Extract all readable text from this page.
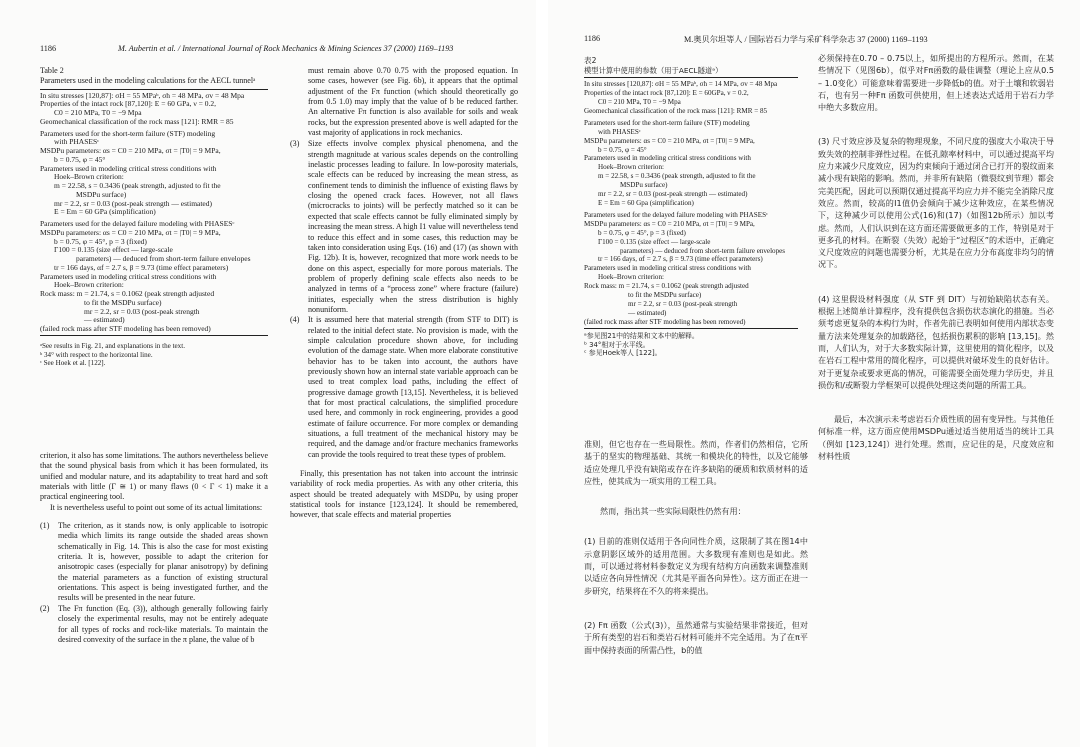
1186	M. Aubertin et al. / International Journal of Rock Mechanics & Mining Sciences 37 (2000) 1169–1193
Table 2
Parameters used in the modeling calculations for the AECL tunnelᵃ
In situ stresses [120,87]: σH = 55 MPaᵇ, σh = 48 MPa, σv = 48 Mpa
Properties of the intact rock [87,120]: E = 60 GPa, ν = 0.2,
C0 = 210 MPa, T0 = −9 Mpa
Geomechanical classification of the rock mass [121]: RMR = 85
Parameters used for the short-term failure (STF) modeling
with PHASESᶜ
MSDPu parameters: αs = C0 = 210 MPa, σt = |T0| = 9 MPa,
b = 0.75, φ = 45°
Parameters used in modeling critical stress conditions with
Hoek–Brown criterion:
m = 22.58, s = 0.3436 (peak strength, adjusted to fit the
MSDPu surface)
mr = 2.2, sr = 0.03 (post-peak strength — estimated)
E = Em = 60 GPa (simplification)
Parameters used for the delayed failure modeling with PHASESᶜ
MSDPu parameters: αs = C0 = 210 MPa, σt = |T0| = 9 MPa,
b = 0.75, φ = 45°, p = 3 (fixed)
Γ100 = 0.135 (size effect — large-scale
parameters) — deduced from short-term failure envelopes
tr = 166 days, αf = 2.7 s, β = 9.73 (time effect parameters)
Parameters used in modeling critical stress conditions with
Hoek–Brown criterion:
Rock mass: m = 21.74, s = 0.1062 (peak strength adjusted
to fit the MSDPu surface)
mr = 2.2, sr = 0.03 (post-peak strength
— estimated)
(failed rock mass after STF modeling has been removed)
ᵃSee results in Fig. 21, and explanations in the text.
ᵇ 34° with respect to the horizontal line.
ᶜ See Hoek et al. [122].

criterion, it also has some limitations. The authors nevertheless believe that the sound physical basis from which it has been formulated, its unified and modular nature, and its adaptability to treat hard and soft materials with little (Γ ≅ 1) or many flaws (0 < Γ < 1) make it a practical engineering tool.

It is nevertheless useful to point out some of its actual limitations:

(1)	The criterion, as it stands now, is only applicable to isotropic media which limits its range outside the shaded areas shown schematically in Fig. 14. This is also the case for most existing criteria. It is, however, possible to adapt the criterion for anisotropic cases (especially for planar anisotropy) by defining the material parameters as a function of existing structural orientations. This aspect is being investigated further, and the results will be presented in the near future.
(2)	The Fπ function (Eq. (3)), although generally following fairly closely the experimental results, may not be entirely adequate for all types of rocks and rock-like materials. To maintain the desired convexity of the surface in the π plane, the value of b

must remain above 0.70 0.75 with the proposed equation. In some cases, however (see Fig. 6b), it appears that the optimal adjustment of the Fπ function (which should theoretically go from 0.5 1.0) may imply that the value of b be reduced farther. An alternative Fπ function is also available for soils and weak rocks, but the expression presented above is well adapted for the vast majority of applications in rock mechanics.

(3)	Size effects involve complex physical phenomena, and the strength magnitude at various scales depends on the controlling inelastic processes leading to failure. In low-porosity materials, scale effects can be reduced by increasing the mean stress, as confinement tends to diminish the influence of existing flaws by closing the opened crack faces. However, not all flaws (microcracks to joints) will be perfectly matched so it can be expected that scale effects cannot be fully eliminated simply by increasing the mean stress. A high I1 value will nevertheless tend to reduce this effect and in some cases, this reduction may be taken into consideration using Eqs. (16) and (17) (as shown with Fig. 12b). It is, however, recognized that more work needs to be done on this aspect, especially for more porous materials. The problem of properly defining scale effects also needs to be analyzed in terms of a “process zone” where fracture (failure) initiates, especially when the stress distribution is highly nonuniform.
(4)	It is assumed here that material strength (from STF to DIT) is related to the initial defect state. No provision is made, with the simple calculation procedure shown above, for including evolution of the damage state. When more elaborate constitutive behavior has to be taken into account, the authors have previously shown how an internal state variable approach can be used to treat complex load paths, including the effect of progressive damage growth [13,15]. Nevertheless, it is believed that for most practical calculations, the simplified procedure used here, and commonly in rock engineering, provides a good estimate of failure occurrence. For more complex or demanding situations, a full treatment of the mechanical history may be required, and the damage and/or fracture mechanics frameworks can provide the tools required to treat these types of problem.

Finally, this presentation has not taken into account the intrinsic variability of rock media properties. As with any other criteria, this aspect should be treated adequately with MSDPu, by using proper statistical tools for instance [123,124]. It should be remembered, however, that scale effects and material properties

1186	M.奥贝尔坦等人 / 国际岩石力学与采矿科学杂志 37 (2000) 1169–1193
表2
模型计算中使用的参数（用于AECL隧道ᵃ）
In situ stresses [120,87]: σH = 55 MPaᵇ, σh = 14 MPa, σv = 48 Mpa
Properties of the intact rock [87,120]: E = 60GPa, ν = 0.2,
C0 = 210 MPa, T0 = −9 Mpa
Geomechanical classification of the rock mass [121]: RMR = 85
Parameters used for the short-term failure (STF) modeling
with PHASESᶜ
MSDPu parameters: αs = C0 = 210 MPa, σt = |T0| = 9 MPa,
b = 0.75, φ = 45°
Parameters used in modeling critical stress conditions with
Hoek–Brown criterion:
m = 22.58, s = 0.3436 (peak strength, adjusted to fit the
MSDPu surface)
mr = 2.2, sr = 0.03 (post-peak strength — estimated)
E = Em = 60 Gpa (simplification)
Parameters used for the delayed failure modeling with PHASESᶜ
MSDPu parameters: αs = C0 = 210 MPa, σt = |T0| = 9 MPa,
b = 0.75, φ = 45°, p = 3 (fixed)
Γ100 = 0.135 (size effect — large-scale
parameters) — deduced from short-term failure envelopes
tr = 166 days, αf = 2.7 s, β = 9.73 (time effect parameters)
Parameters used in modeling critical stress conditions with
Hoek–Brown criterion:
Rock mass: m = 21.74, s = 0.1062 (peak strength adjusted
to fit the MSDPu surface)
mr = 2.2, sr = 0.03 (post-peak strength
— estimated)
(failed rock mass after STF modeling has been removed)
ᵃ参见图21中的结果和文本中的解释。
ᵇ 34°相对于水平线。
ᶜ 参见Hoek等人 [122]。

准则，但它也存在一些局限性。然而，作者们仍然相信，它所基于的坚实的物理基础、其统一和模块化的特性，以及它能够适应处理几乎没有缺陷或存在许多缺陷的硬质和软质材料的适应性，使其成为一项实用的工程工具。

然而，指出其一些实际局限性仍然有用：

(1) 目前的准则仅适用于各向同性介质，这限制了其在图14中示意阴影区域外的适用范围。大多数现有准则也是如此。然而，可以通过将材料参数定义为现有结构方向函数来调整准则以适应各向异性情况（尤其是平面各向异性）。这方面正在进一步研究，结果将在不久的将来提出。

(2) Fπ 函数（公式(3)），虽然通常与实验结果非常接近，但对于所有类型的岩石和类岩石材料可能并不完全适用。为了在π平面中保持表面的所需凸性，b的值

必须保持在0.70 – 0.75以上，如所提出的方程所示。然而，在某些情况下（见图6b），似乎对Fπ函数的最佳调整（理论上应从0.5 – 1.0变化）可能意味着需要进一步降低b的值。对于土壤和软弱岩石，也有另一种Fπ 函数可供使用，但上述表达式适用于岩石力学中绝大多数应用。

(3) 尺寸效应涉及复杂的物理现象，不同尺度的强度大小取决于导致失效的控制非弹性过程。在低孔隙率材料中，可以通过提高平均应力来减少尺度效应，因为约束倾向于通过闭合已打开的裂纹面来减小现有缺陷的影响。然而，并非所有缺陷（微裂纹到节理）都会完美匹配，因此可以预期仅通过提高平均应力并不能完全消除尺度效应。然而，较高的I1值仍会倾向于减少这种效应，在某些情况下，这种减少可以使用公式(16)和(17)（如图12b所示）加以考虑。然而，人们认识到在这方面还需要做更多的工作，特别是对于更多孔的材料。在断裂（失效）起始于“过程区”的术语中，正确定义尺度效应的问题也需要分析，尤其是在应力分布高度非均匀的情况下。

(4) 这里假设材料强度（从 STF 到 DIT）与初始缺陷状态有关。根据上述简单计算程序，没有提供包含损伤状态演化的措施。当必须考虑更复杂的本构行为时，作者先前已表明如何使用内部状态变量方法来处理复杂的加载路径，包括损伤累积的影响 [13,15]。然而，人们认为，对于大多数实际计算，这里使用的简化程序，以及在岩石工程中常用的简化程序，可以提供对破坏发生的良好估计。对于更复杂或要求更高的情况，可能需要全面处理力学历史，并且损伤和/或断裂力学框架可以提供处理这类问题的所需工具。

最后，本次演示未考虑岩石介质性质的固有变异性。与其他任何标准一样，这方面应使用MSDPu通过适当使用适当的统计工具（例如 [123,124]）进行处理。然而，应记住的是，尺度效应和材料性质
